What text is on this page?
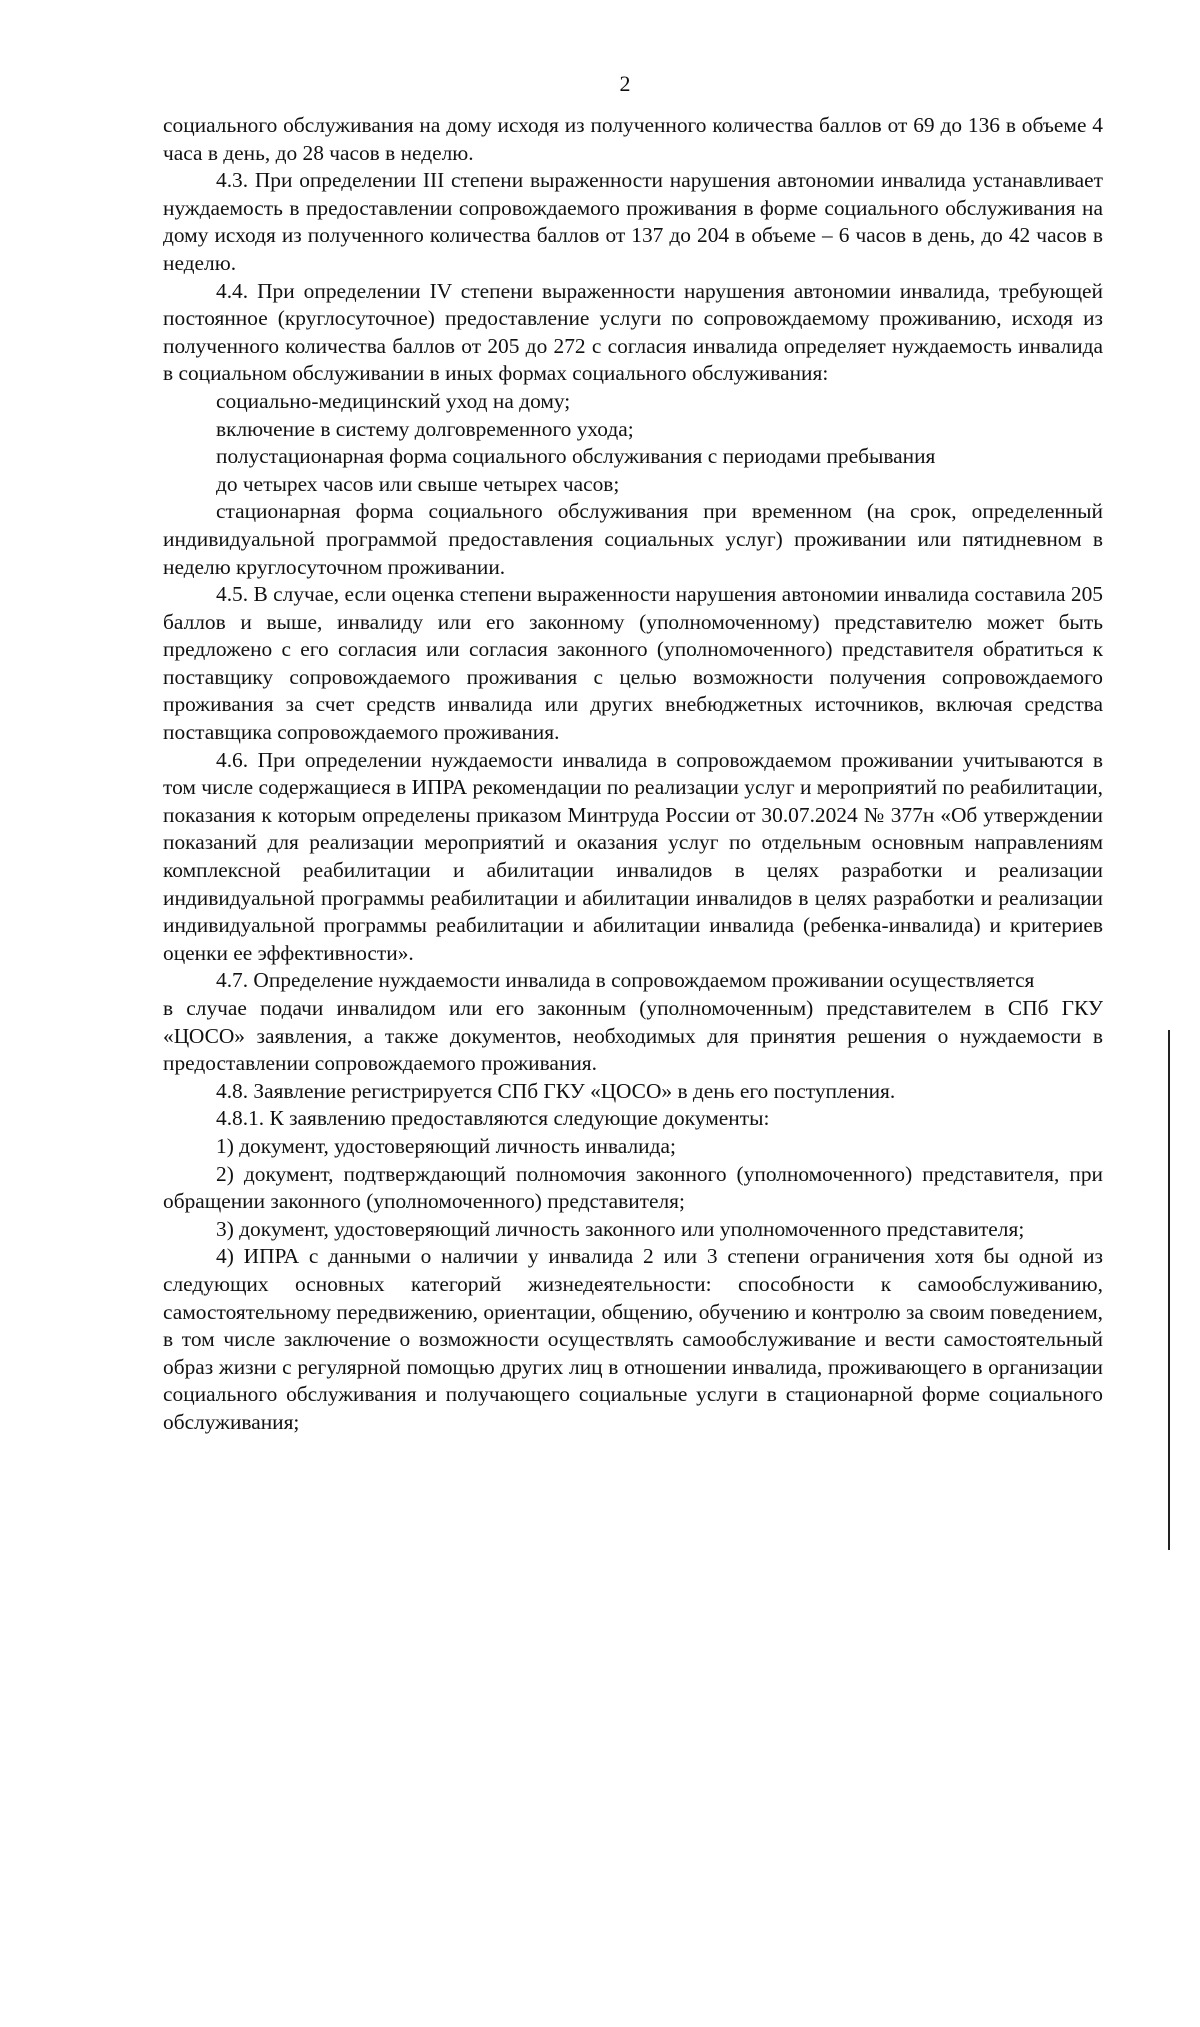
2

социального обслуживания на дому исходя из полученного количества баллов от 69 до 136 в объеме 4 часа в день, до 28 часов в неделю.

4.3. При определении III степени выраженности нарушения автономии инвалида устанавливает нуждаемость в предоставлении сопровождаемого проживания в форме социального обслуживания на дому исходя из полученного количества баллов от 137 до 204 в объеме – 6 часов в день, до 42 часов в неделю.

4.4. При определении IV степени выраженности нарушения автономии инвалида, требующей постоянное (круглосуточное) предоставление услуги по сопровождаемому проживанию, исходя из полученного количества баллов от 205 до 272 с согласия инвалида определяет нуждаемость инвалида в социальном обслуживании в иных формах социального обслуживания:

социально-медицинский уход на дому;

включение в систему долговременного ухода;

полустационарная форма социального обслуживания с периодами пребывания

до четырех часов или свыше четырех часов;

стационарная форма социального обслуживания при временном (на срок, определенный индивидуальной программой предоставления социальных услуг) проживании или пятидневном в неделю круглосуточном проживании.

4.5. В случае, если оценка степени выраженности нарушения автономии инвалида составила 205 баллов и выше, инвалиду или его законному (уполномоченному) представителю может быть предложено с его согласия или согласия законного (уполномоченного) представителя обратиться к поставщику сопровождаемого проживания с целью возможности получения сопровождаемого проживания за счет средств инвалида или других внебюджетных источников, включая средства поставщика сопровождаемого проживания.

4.6. При определении нуждаемости инвалида в сопровождаемом проживании учитываются в том числе содержащиеся в ИПРА рекомендации по реализации услуг и мероприятий по реабилитации, показания к которым определены приказом Минтруда России от 30.07.2024 № 377н «Об утверждении показаний для реализации мероприятий и оказания услуг по отдельным основным направлениям комплексной реабилитации и абилитации инвалидов в целях разработки и реализации индивидуальной программы реабилитации и абилитации инвалидов в целях разработки и реализации индивидуальной программы реабилитации и абилитации инвалида (ребенка-инвалида) и критериев оценки ее эффективности».

4.7. Определение нуждаемости инвалида в сопровождаемом проживании осуществляется

в случае подачи инвалидом или его законным (уполномоченным) представителем в СПб ГКУ «ЦОСО» заявления, а также документов, необходимых для принятия решения о нуждаемости в предоставлении сопровождаемого проживания.

4.8. Заявление регистрируется СПб ГКУ «ЦОСО» в день его поступления.

4.8.1. К заявлению предоставляются следующие документы:

1) документ, удостоверяющий личность инвалида;

2) документ, подтверждающий полномочия законного (уполномоченного) представителя, при обращении законного (уполномоченного) представителя;

3) документ, удостоверяющий личность законного или уполномоченного представителя;

4) ИПРА с данными о наличии у инвалида 2 или 3 степени ограничения хотя бы одной из следующих основных категорий жизнедеятельности: способности к самообслуживанию, самостоятельному передвижению, ориентации, общению, обучению и контролю за своим поведением, в том числе заключение о возможности осуществлять самообслуживание и вести самостоятельный образ жизни с регулярной помощью других лиц в отношении инвалида, проживающего в организации социального обслуживания и получающего социальные услуги в стационарной форме социального обслуживания;
